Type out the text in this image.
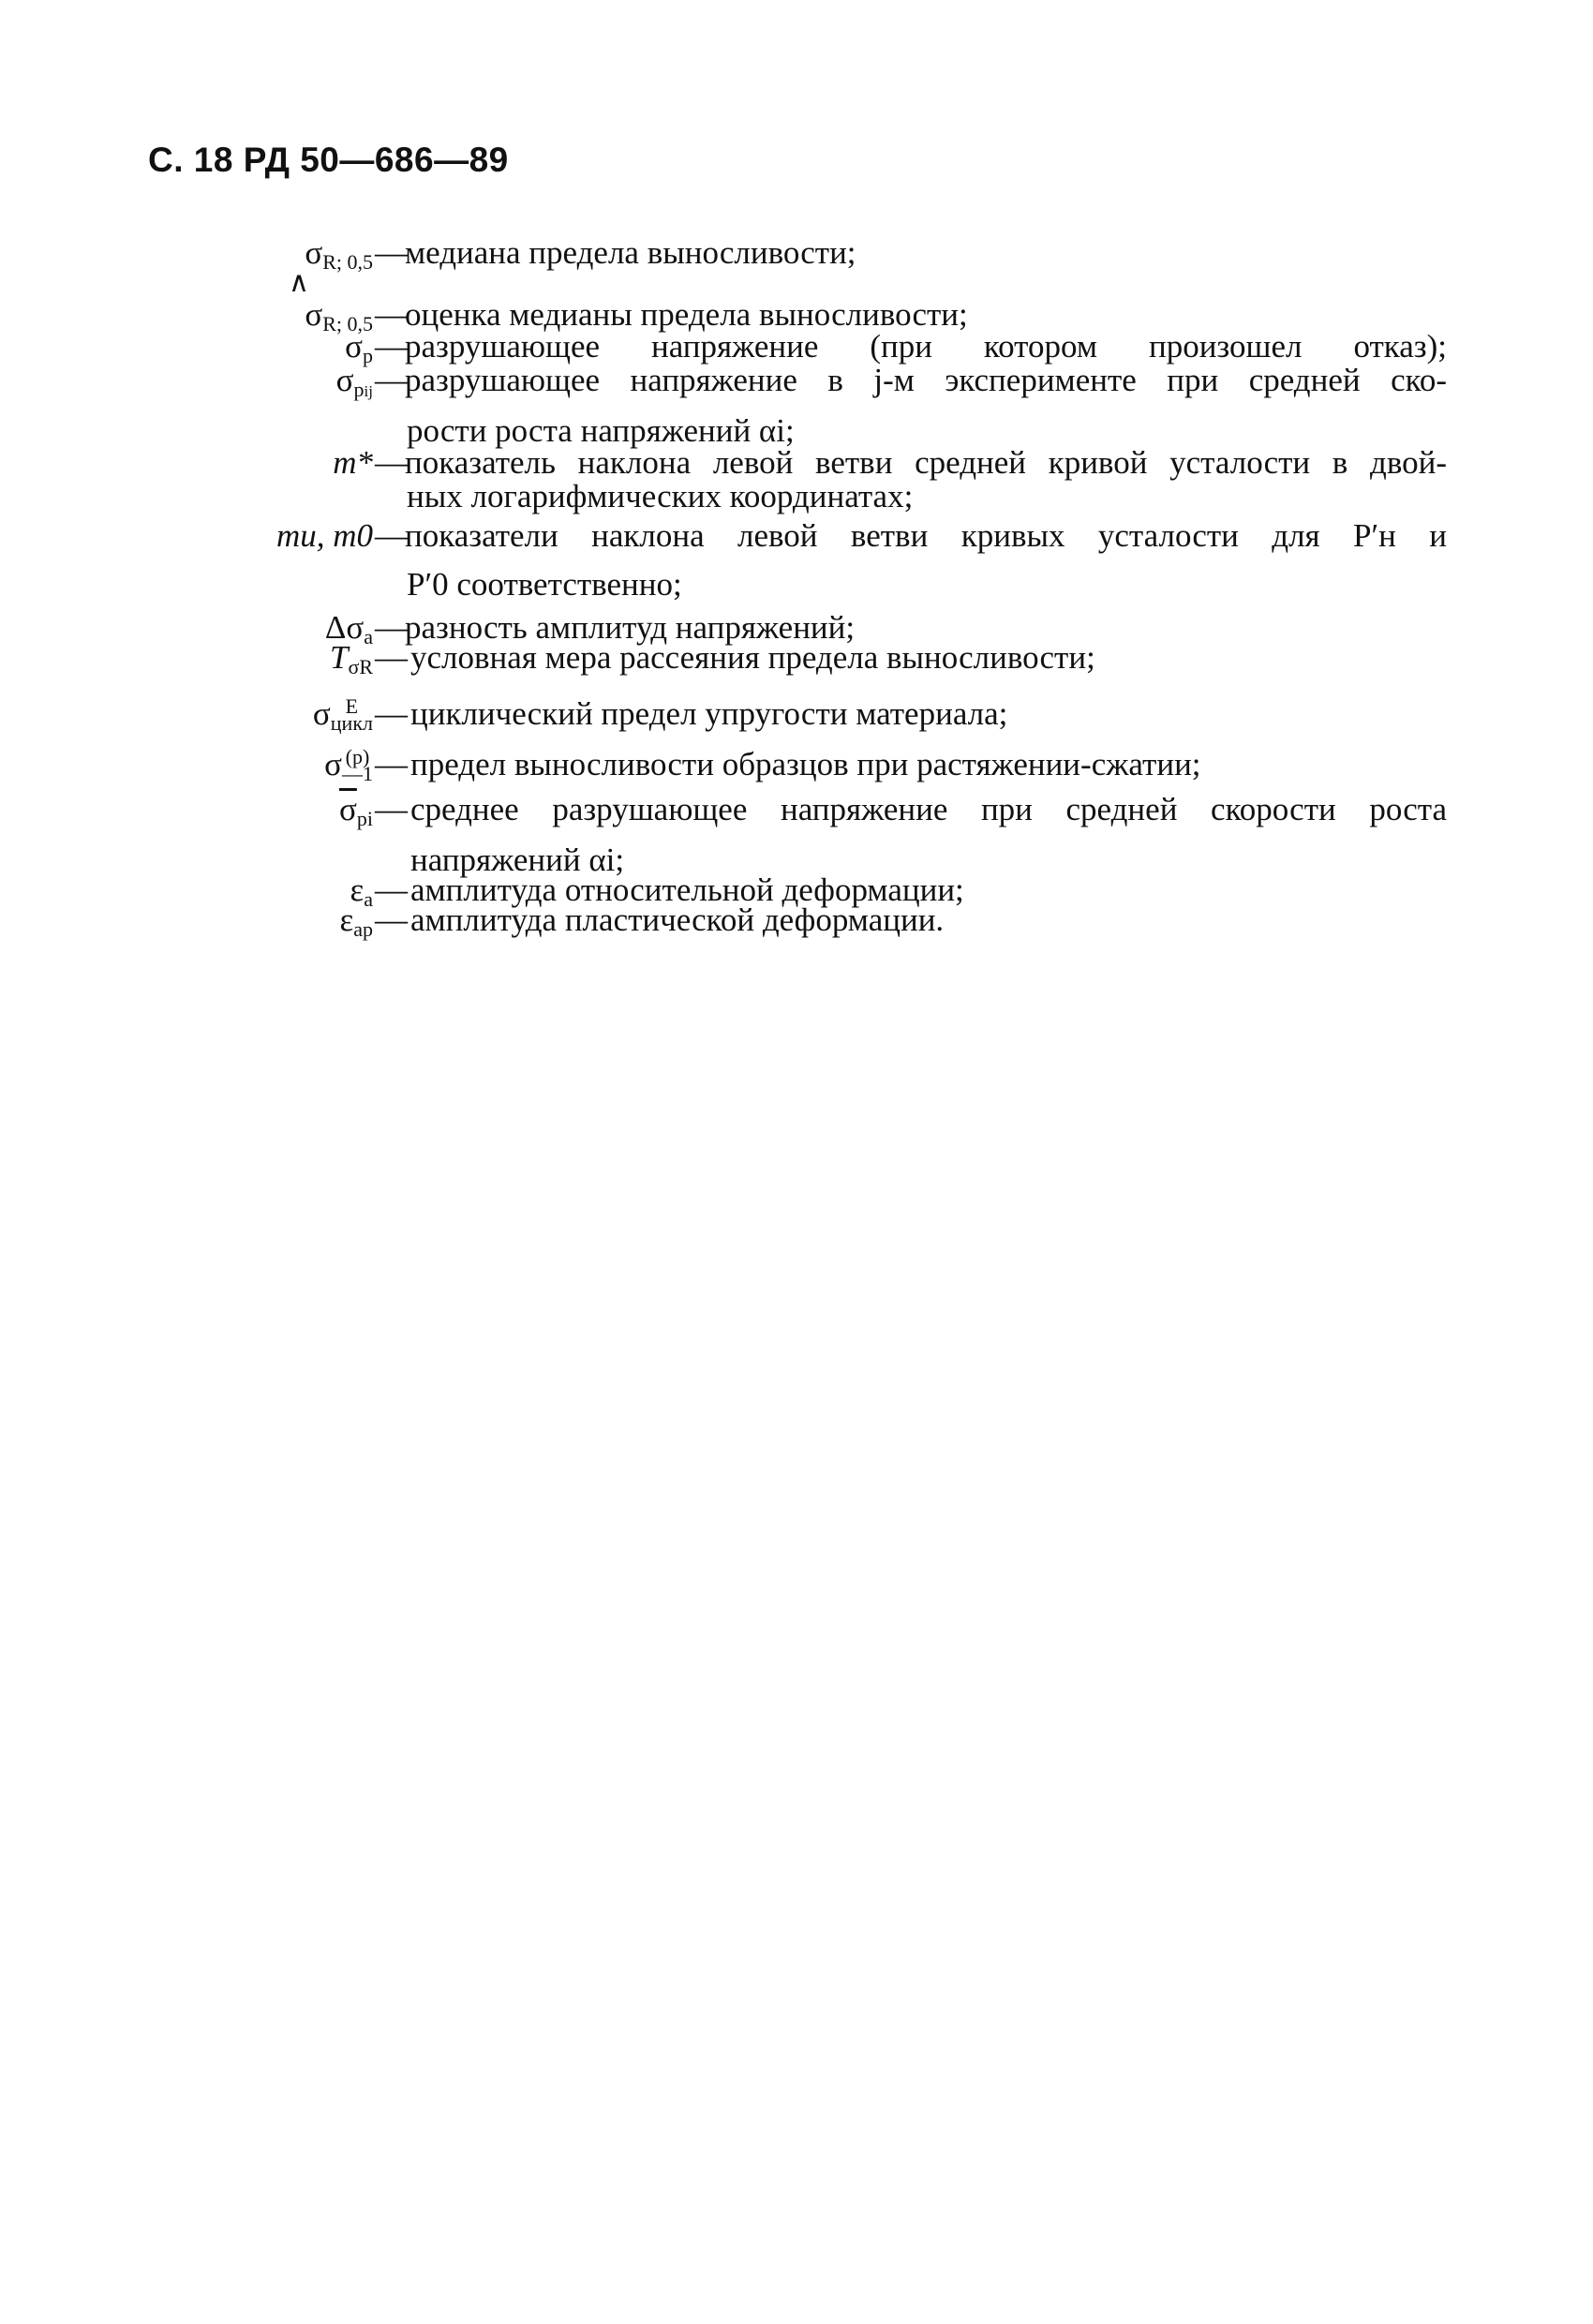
С. 18 РД 50—686—89
$\sigma_{R; 0,5}$ —
медиана предела выносливости;
∧
$\sigma_{R; 0,5}$ —
оценка медианы предела выносливости;
$\sigma_p$ —
разрушающее напряжение (при котором произошел отказ);
$\sigma_{pij}$ —
разрушающее напряжение в j-м эксперименте при средней ско-
рости роста напряжений αi;
m* —
показатель наклона левой ветви средней кривой усталости в двой-
ных логарифмических координатах;
mи, m0 —
показатели наклона левой ветви кривых усталости для P′н и
P′0 соответственно;
$\Delta\sigma_a$ —
разность амплитуд напряжений;
$T_{\sigma R}$ — условная мера рассеяния предела выносливости;
σ E
цикл — циклический предел упругости материала;
σ (p)
—1 — предел выносливости образцов при растяжении-сжатии;
$\overline{\sigma}_{pi}$ — среднее разрушающее напряжение при средней скорости роста
напряжений αi;
$\varepsilon_a$ — амплитуда относительной деформации;
$\varepsilon_{ap}$ — амплитуда пластической деформации.
